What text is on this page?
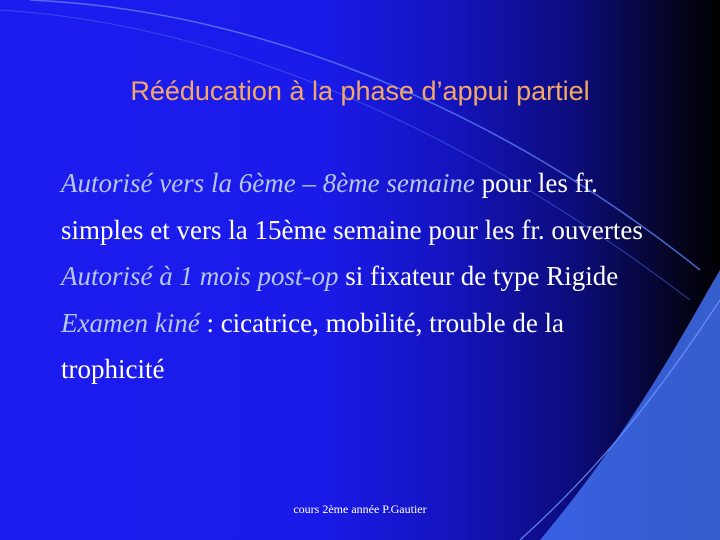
Rééducation à la phase d’appui partiel

Autorisé vers la 6ème – 8ème semaine pour les fr. simples et vers la 15ème semaine pour les fr. ouvertes

Autorisé à 1 mois post-op si fixateur de type Rigide

Examen kiné : cicatrice, mobilité, trouble de la trophicité

cours 2ème année P.Gautier
